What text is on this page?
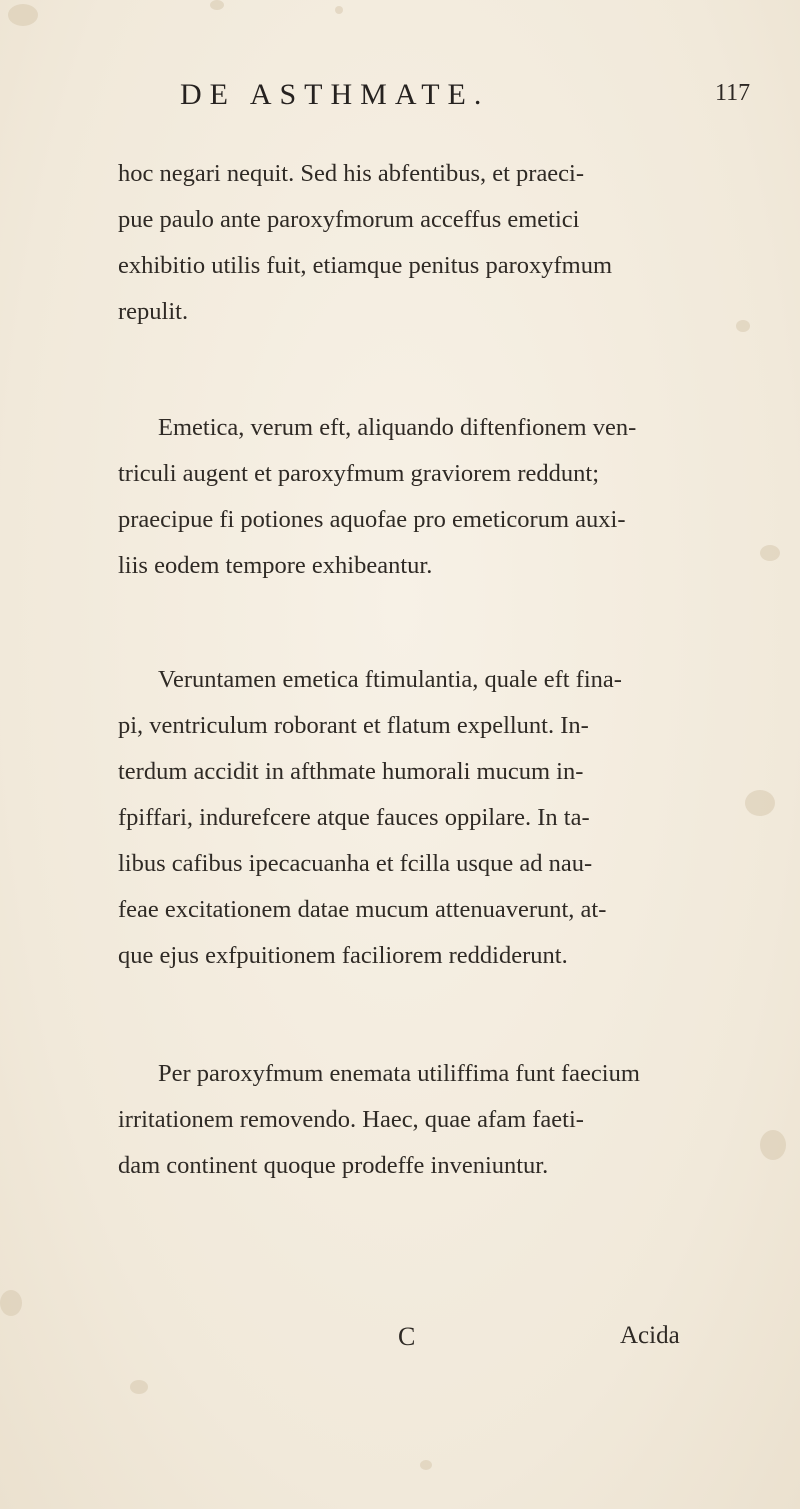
DE ASTHMATE.	117
hoc negari nequit. Sed his abfentibus, et praeci-
pue paulo ante paroxyfmorum acceffus emetici
exhibitio utilis fuit, etiamque penitus paroxyfmum
repulit.
Emetica, verum eft, aliquando diftenfionem ven-
triculi augent et paroxyfmum graviorem reddunt;
praecipue fi potiones aquofae pro emeticorum auxi-
liis eodem tempore exhibeantur.
Veruntamen emetica ftimulantia, quale eft fina-
pi, ventriculum roborant et flatum expellunt. In-
terdum accidit in afthmate humorali mucum in-
fpiffari, indurefcere atque fauces oppilare. In ta-
libus cafibus ipecacuanha et fcilla usque ad nau-
feae excitationem datae mucum attenuaverunt, at-
que ejus exfpuitionem faciliorem reddiderunt.
Per paroxyfmum enemata utiliffima funt faecium
irritationem removendo. Haec, quae afam faeti-
dam continent quoque prodeffe inveniuntur.
C	Acida
